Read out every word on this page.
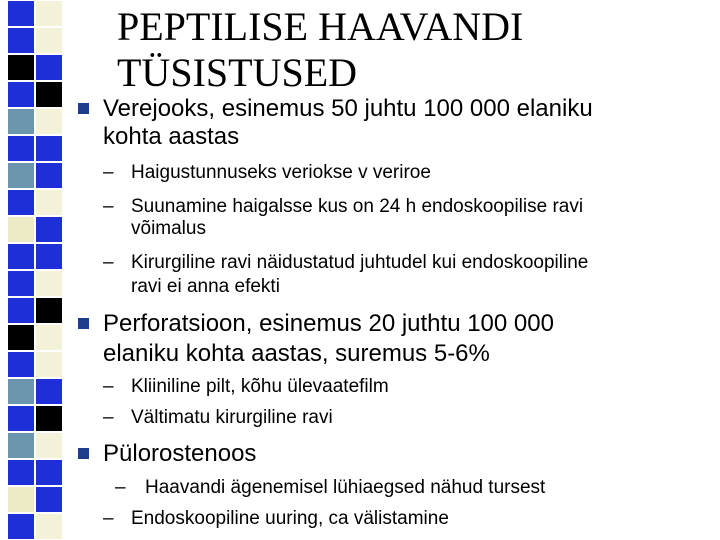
PEPTILISE HAAVANDI
TÜSISTUSED
Verejooks, esinemus 50 juhtu 100 000 elaniku
kohta aastas
– Haigustunnuseks veriokse v veriroe
– Suunamine haigalsse kus on 24 h endoskoopilise ravi
võimalus
– Kirurgiline ravi näidustatud juhtudel kui endoskoopiline
ravi ei anna efekti
Perforatsioon, esinemus 20 juthtu 100 000
elaniku kohta aastas, suremus 5-6%
– Kliiniline pilt, kõhu ülevaatefilm
– Vältimatu kirurgiline ravi
Pülorostenoos
– Haavandi ägenemisel lühiaegsed nähud tursest
– Endoskoopiline uuring, ca välistamine
